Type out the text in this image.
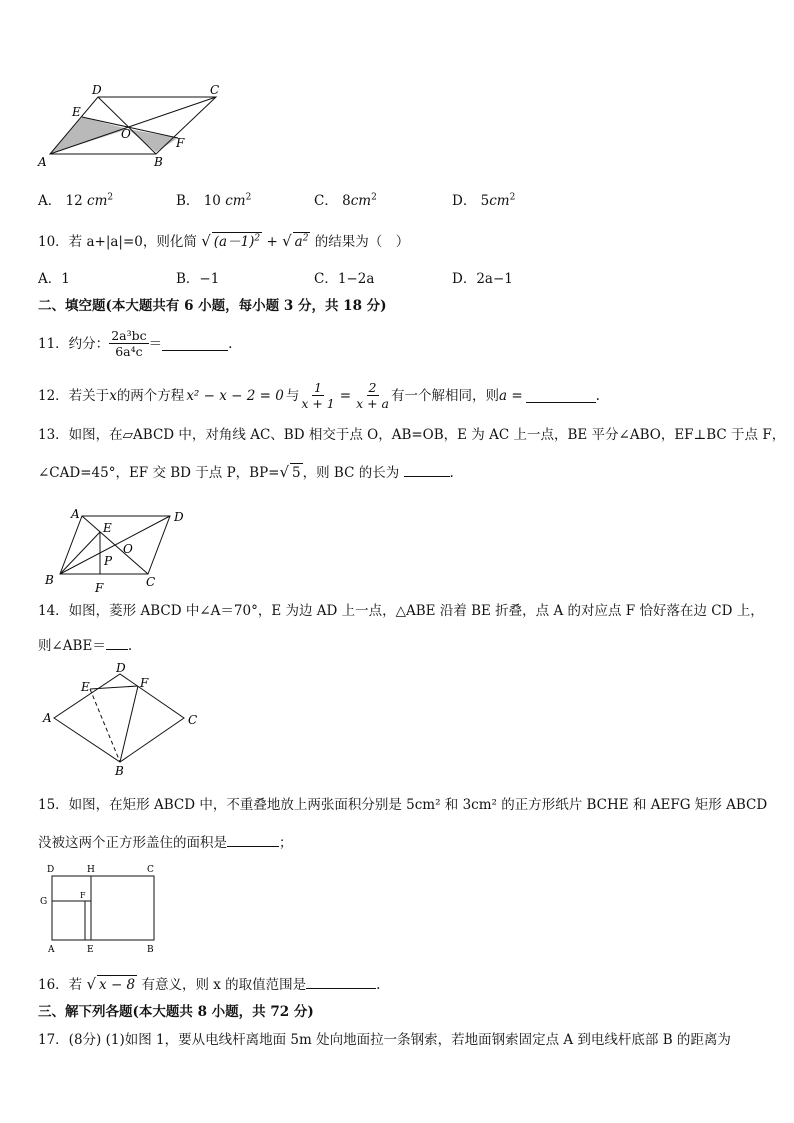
D	C
E
O
A	B
F
A． 12 $cm^2$	B． 10 $cm^2$	C． $8cm^2$	D． $5cm^2$
10．若 a+|a|=0，则化简 √ $(a-1)^2$ + √ $a^2$ 的结果为（　）
A．1	B．−1	C．1−2a	D．2a−1
二、填空题(本大题共有 6 小题，每小题 3 分，共 18 分)
11．约分： $\frac{\text{2a³bc}}{\text{6a⁴c}}$ ＝	.
12．若关于 x 的两个方程 x² − x − 2 = 0 与 $\frac{1}{x + 1} = \frac{2}{x + a}$ 有一个解相同，则 a =	.
13．如图，在▱ABCD 中，对角线 AC、BD 相交于点 O，AB=OB，E 为 AC 上一点，BE 平分∠ABO，EF⊥BC 于点 F，
∠CAD=45°，EF 交 BD 于点 P，BP=√ 5 ，则 BC 的长为	.
A
E
D
O
P
B
F	C
14．如图，菱形 ABCD 中∠A＝70°，E 为边 AD 上一点，△ABE 沿着 BE 折叠，点 A 的对应点 F 恰好落在边 CD 上，
则∠ABE＝ .
D
E	F
A	C
B
15．如图，在矩形 ABCD 中，不重叠地放上两张面积分别是 5cm² 和 3cm² 的正方形纸片 BCHE 和 AEFG 矩形 ABCD
没被这两个正方形盖住的面积是	；
D	H	C
F
G
A	E	B
16．若 √ x − 8 有意义，则 x 的取值范围是	.
三、解下列各题(本大题共 8 小题，共 72 分)
17．(8分) (1)如图 1，要从电线杆离地面 5m 处向地面拉一条钢索，若地面钢索固定点 A 到电线杆底部 B 的距离为
